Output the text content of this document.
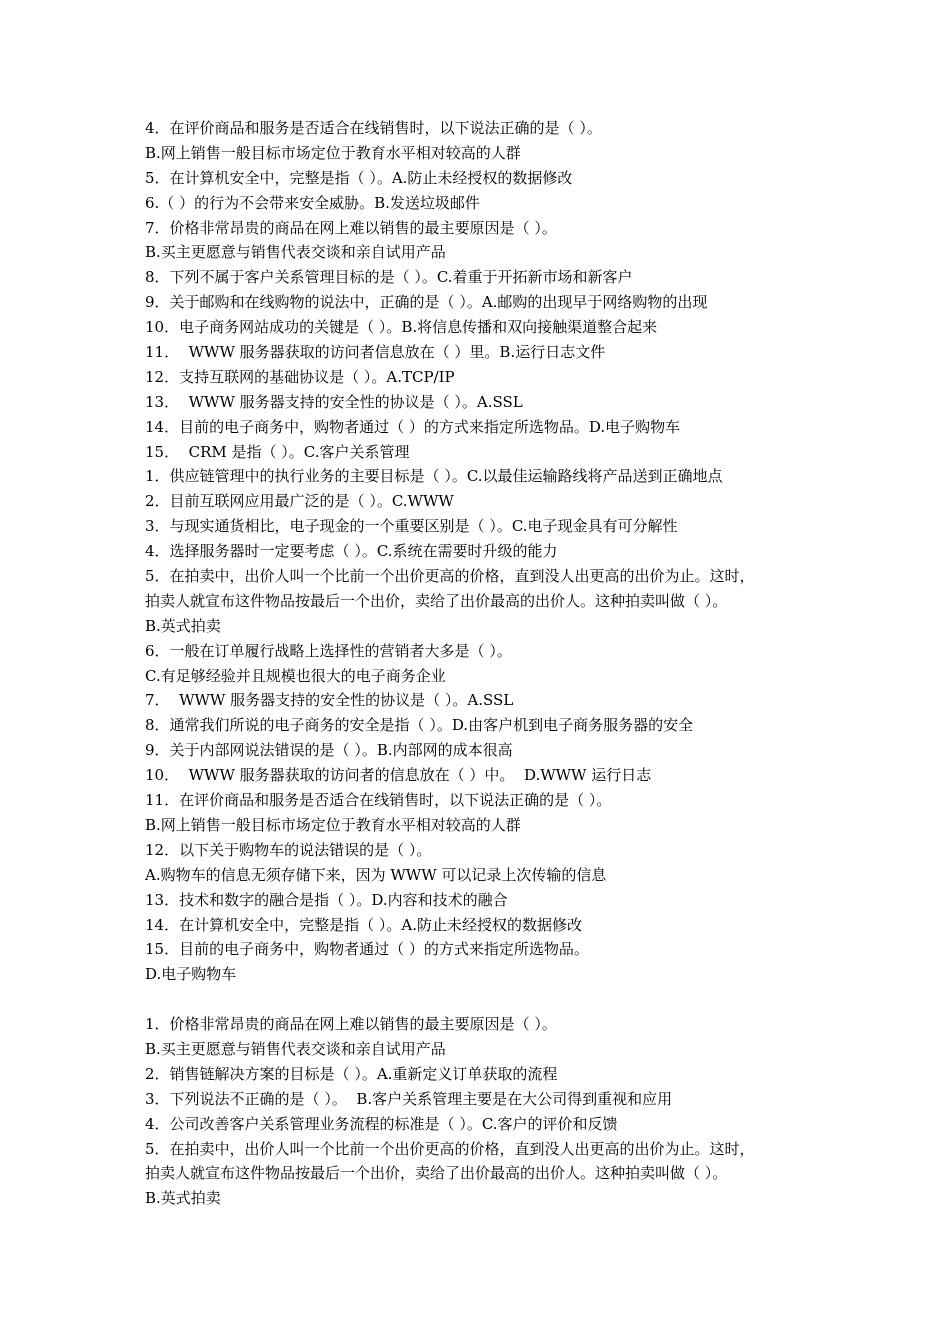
4．在评价商品和服务是否适合在线销售时，以下说法正确的是（ ）。
B.网上销售一般目标市场定位于教育水平相对较高的人群
5．在计算机安全中，完整是指（ ）。A.防止未经授权的数据修改
6.（ ）的行为不会带来安全威胁。B.发送垃圾邮件
7．价格非常昂贵的商品在网上难以销售的最主要原因是（ ）。
B.买主更愿意与销售代表交谈和亲自试用产品
8．下列不属于客户关系管理目标的是（ ）。C.着重于开拓新市场和新客户
9．关于邮购和在线购物的说法中，正确的是（ ）。A.邮购的出现早于网络购物的出现
10．电子商务网站成功的关键是（ ）。B.将信息传播和双向接触渠道整合起来
11．  WWW 服务器获取的访问者信息放在（ ）里。B.运行日志文件
12．支持互联网的基础协议是（ ）。A.TCP/IP
13．  WWW 服务器支持的安全性的协议是（ ）。A.SSL
14．目前的电子商务中，购物者通过（ ）的方式来指定所选物品。D.电子购物车
15．  CRM 是指（ ）。C.客户关系管理
1．供应链管理中的执行业务的主要目标是（ ）。C.以最佳运输路线将产品送到正确地点
2．目前互联网应用最广泛的是（ ）。C.WWW
3．与现实通货相比，电子现金的一个重要区别是（ ）。C.电子现金具有可分解性
4．选择服务器时一定要考虑（ ）。C.系统在需要时升级的能力
5．在拍卖中，出价人叫一个比前一个出价更高的价格，直到没人出更高的出价为止。这时，
拍卖人就宣布这件物品按最后一个出价，卖给了出价最高的出价人。这种拍卖叫做（ ）。
B.英式拍卖
6．一般在订单履行战略上选择性的营销者大多是（ ）。
C.有足够经验并且规模也很大的电子商务企业
7．  WWW 服务器支持的安全性的协议是（ ）。A.SSL
8．通常我们所说的电子商务的安全是指（ ）。D.由客户机到电子商务服务器的安全
9．关于内部网说法错误的是（ ）。B.内部网的成本很高
10．  WWW 服务器获取的访问者的信息放在（ ）中。  D.WWW 运行日志
11．在评价商品和服务是否适合在线销售时，以下说法正确的是（ ）。
B.网上销售一般目标市场定位于教育水平相对较高的人群
12．以下关于购物车的说法错误的是（ ）。
A.购物车的信息无须存储下来，因为 WWW 可以记录上次传输的信息
13．技术和数字的融合是指（ ）。D.内容和技术的融合
14．在计算机安全中，完整是指（ ）。A.防止未经授权的数据修改
15．目前的电子商务中，购物者通过（ ）的方式来指定所选物品。
D.电子购物车
1．价格非常昂贵的商品在网上难以销售的最主要原因是（ ）。
B.买主更愿意与销售代表交谈和亲自试用产品
2．销售链解决方案的目标是（ ）。A.重新定义订单获取的流程
3．下列说法不正确的是（ ）。  B.客户关系管理主要是在大公司得到重视和应用
4．公司改善客户关系管理业务流程的标准是（ ）。C.客户的评价和反馈
5．在拍卖中，出价人叫一个比前一个出价更高的价格，直到没人出更高的出价为止。这时，
拍卖人就宣布这件物品按最后一个出价，卖给了出价最高的出价人。这种拍卖叫做（ ）。
B.英式拍卖
